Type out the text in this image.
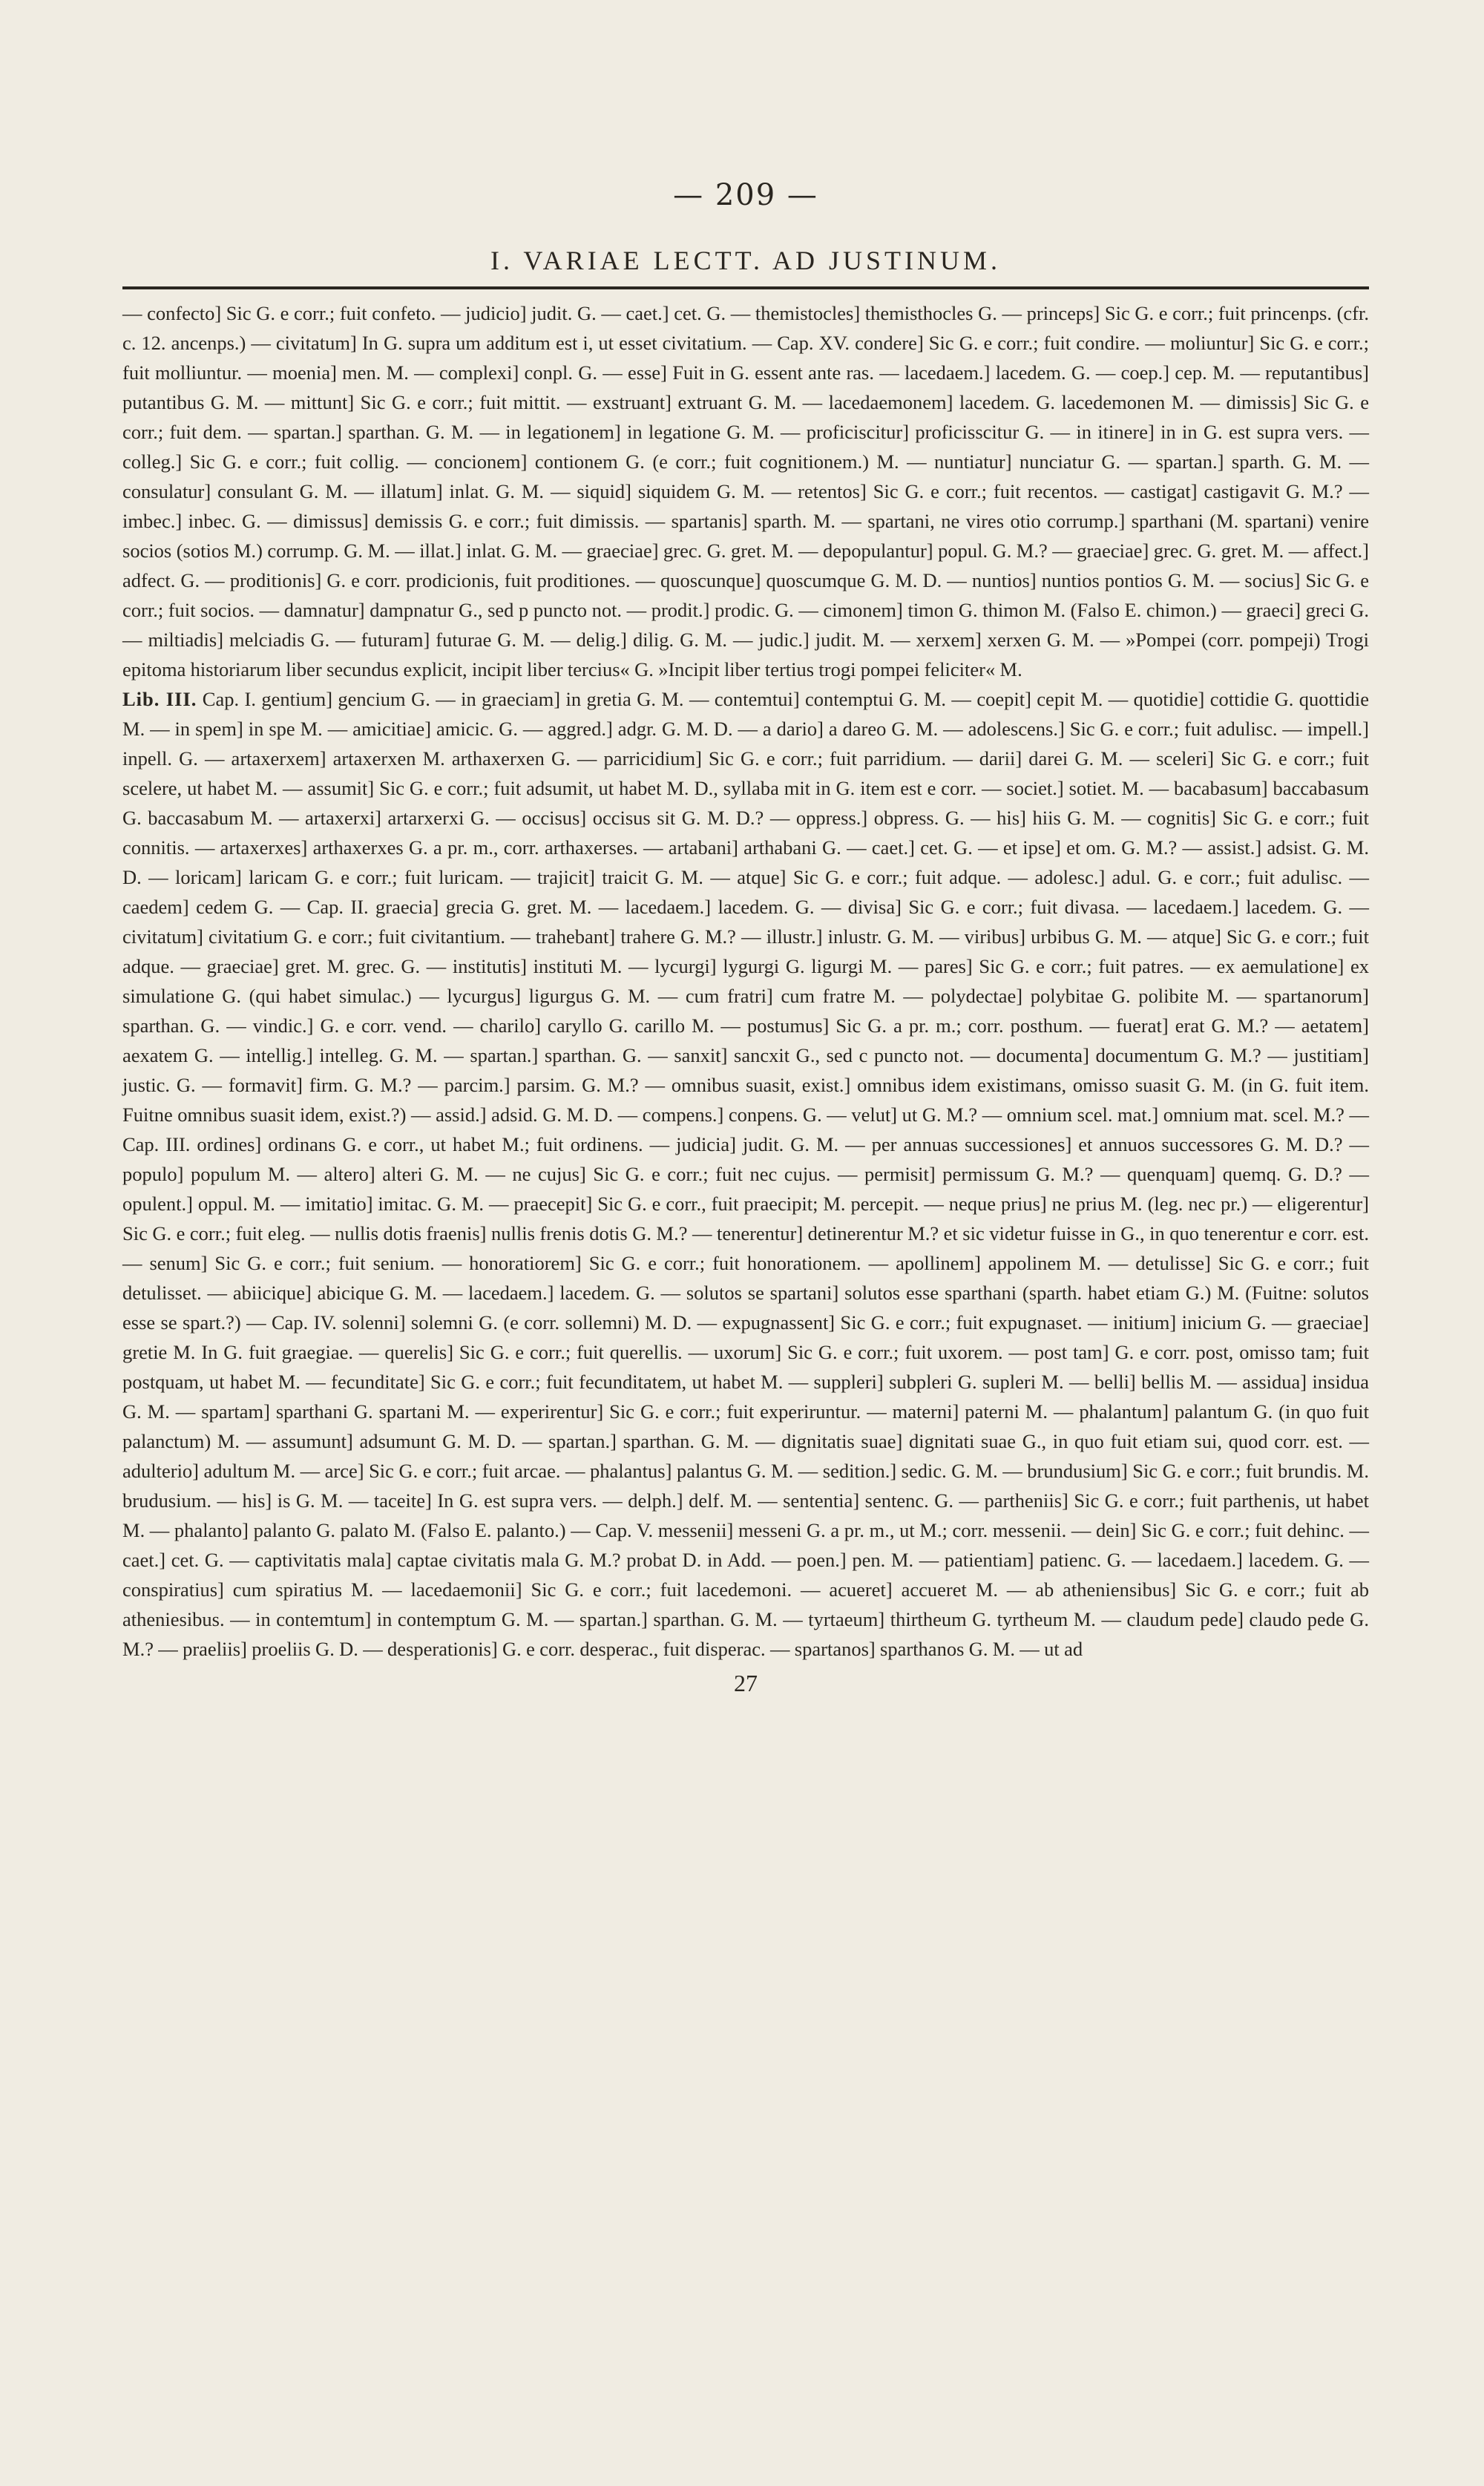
— 209 —
I. VARIAE LECTT. AD JUSTINUM.

— confecto] Sic G. e corr.; fuit confeto. — judicio] judit. G. — caet.] cet. G. — themistocles] themisthocles G. — princeps] Sic G. e corr.; fuit princenps. (cfr. c. 12. ancenps.) — civitatum] In G. supra um additum est i, ut esset civitatium. — Cap. XV. condere] Sic G. e corr.; fuit condire. — moliuntur] Sic G. e corr.; fuit molliuntur. — moenia] men. M. — complexi] conpl. G. — esse] Fuit in G. essent ante ras. — lacedaem.] lacedem. G. — coep.] cep. M. — reputantibus] putantibus G. M. — mittunt] Sic G. e corr.; fuit mittit. — exstruant] extruant G. M. — lacedaemonem] lacedem. G. lacedemonen M. — dimissis] Sic G. e corr.; fuit dem. — spartan.] sparthan. G. M. — in legationem] in legatione G. M. — proficiscitur] proficisscitur G. — in itinere] in in G. est supra vers. — colleg.] Sic G. e corr.; fuit collig. — concionem] contionem G. (e corr.; fuit cognitionem.) M. — nuntiatur] nunciatur G. — spartan.] sparth. G. M. — consulatur] consulant G. M. — illatum] inlat. G. M. — siquid] siquidem G. M. — retentos] Sic G. e corr.; fuit recentos. — castigat] castigavit G. M.? — imbec.] inbec. G. — dimissus] demissis G. e corr.; fuit dimissis. — spartanis] sparth. M. — spartani, ne vires otio corrump.] sparthani (M. spartani) venire socios (sotios M.) corrump. G. M. — illat.] inlat. G. M. — graeciae] grec. G. gret. M. — depopulantur] popul. G. M.? — graeciae] grec. G. gret. M. — affect.] adfect. G. — proditionis] G. e corr. prodicionis, fuit proditiones. — quoscunque] quoscumque G. M. D. — nuntios] nuntios pontios G. M. — socius] Sic G. e corr.; fuit socios. — damnatur] dampnatur G., sed p puncto not. — prodit.] prodic. G. — cimonem] timon G. thimon M. (Falso E. chimon.) — graeci] greci G. — miltiadis] melciadis G. — futuram] futurae G. M. — delig.] dilig. G. M. — judic.] judit. M. — xerxem] xerxen G. M. — »Pompei (corr. pompeji) Trogi epitoma historiarum liber secundus explicit, incipit liber tercius« G. »Incipit liber tertius trogi pompei feliciter« M.

Lib. III. Cap. I. gentium] gencium G. — in graeciam] in gretia G. M. — contemtui] contemptui G. M. — coepit] cepit M. — quotidie] cottidie G. quottidie M. — in spem] in spe M. — amicitiae] amicic. G. — aggred.] adgr. G. M. D. — a dario] a dareo G. M. — adolescens.] Sic G. e corr.; fuit adulisc. — impell.] inpell. G. — artaxerxem] artaxerxen M. arthaxerxen G. — parricidium] Sic G. e corr.; fuit parridium. — darii] darei G. M. — sceleri] Sic G. e corr.; fuit scelere, ut habet M. — assumit] Sic G. e corr.; fuit adsumit, ut habet M. D., syllaba mit in G. item est e corr. — societ.] sotiet. M. — bacabasum] baccabasum G. baccasabum M. — artaxerxi] artarxerxi G. — occisus] occisus sit G. M. D.? — oppress.] obpress. G. — his] hiis G. M. — cognitis] Sic G. e corr.; fuit connitis. — artaxerxes] arthaxerxes G. a pr. m., corr. arthaxerses. — artabani] arthabani G. — caet.] cet. G. — et ipse] et om. G. M.? — assist.] adsist. G. M. D. — loricam] laricam G. e corr.; fuit luricam. — trajicit] traicit G. M. — atque] Sic G. e corr.; fuit adque. — adolesc.] adul. G. e corr.; fuit adulisc. — caedem] cedem G. — Cap. II. graecia] grecia G. gret. M. — lacedaem.] lacedem. G. — divisa] Sic G. e corr.; fuit divasa. — lacedaem.] lacedem. G. — civitatum] civitatium G. e corr.; fuit civitantium. — trahebant] trahere G. M.? — illustr.] inlustr. G. M. — viribus] urbibus G. M. — atque] Sic G. e corr.; fuit adque. — graeciae] gret. M. grec. G. — institutis] instituti M. — lycurgi] lygurgi G. ligurgi M. — pares] Sic G. e corr.; fuit patres. — ex aemulatione] ex simulatione G. (qui habet simulac.) — lycurgus] ligurgus G. M. — cum fratri] cum fratre M. — polydectae] polybitae G. polibite M. — spartanorum] sparthan. G. — vindic.] G. e corr. vend. — charilo] caryllo G. carillo M. — postumus] Sic G. a pr. m.; corr. posthum. — fuerat] erat G. M.? — aetatem] aexatem G. — intellig.] intelleg. G. M. — spartan.] sparthan. G. — sanxit] sancxit G., sed c puncto not. — documenta] documentum G. M.? — justitiam] justic. G. — formavit] firm. G. M.? — parcim.] parsim. G. M.? — omnibus suasit, exist.] omnibus idem existimans, omisso suasit G. M. (in G. fuit item. Fuitne omnibus suasit idem, exist.?) — assid.] adsid. G. M. D. — compens.] conpens. G. — velut] ut G. M.? — omnium scel. mat.] omnium mat. scel. M.? — Cap. III. ordines] ordinans G. e corr., ut habet M.; fuit ordinens. — judicia] judit. G. M. — per annuas successiones] et annuos successores G. M. D.? — populo] populum M. — altero] alteri G. M. — ne cujus] Sic G. e corr.; fuit nec cujus. — permisit] permissum G. M.? — quenquam] quemq. G. D.? — opulent.] oppul. M. — imitatio] imitac. G. M. — praecepit] Sic G. e corr., fuit praecipit; M. percepit. — neque prius] ne prius M. (leg. nec pr.) — eligerentur] Sic G. e corr.; fuit eleg. — nullis dotis fraenis] nullis frenis dotis G. M.? — tenerentur] detinerentur M.? et sic videtur fuisse in G., in quo tenerentur e corr. est. — senum] Sic G. e corr.; fuit senium. — honoratiorem] Sic G. e corr.; fuit honorationem. — apollinem] appolinem M. — detulisse] Sic G. e corr.; fuit detulisset. — abiicique] abicique G. M. — lacedaem.] lacedem. G. — solutos se spartani] solutos esse sparthani (sparth. habet etiam G.) M. (Fuitne: solutos esse se spart.?) — Cap. IV. solenni] solemni G. (e corr. sollemni) M. D. — expugnassent] Sic G. e corr.; fuit expugnaset. — initium] inicium G. — graeciae] gretie M. In G. fuit graegiae. — querelis] Sic G. e corr.; fuit querellis. — uxorum] Sic G. e corr.; fuit uxorem. — post tam] G. e corr. post, omisso tam; fuit postquam, ut habet M. — fecunditate] Sic G. e corr.; fuit fecunditatem, ut habet M. — suppleri] subpleri G. supleri M. — belli] bellis M. — assidua] insidua G. M. — spartam] sparthani G. spartani M. — experirentur] Sic G. e corr.; fuit experiruntur. — materni] paterni M. — phalantum] palantum G. (in quo fuit palanctum) M. — assumunt] adsumunt G. M. D. — spartan.] sparthan. G. M. — dignitatis suae] dignitati suae G., in quo fuit etiam sui, quod corr. est. — adulterio] adultum M. — arce] Sic G. e corr.; fuit arcae. — phalantus] palantus G. M. — sedition.] sedic. G. M. — brundusium] Sic G. e corr.; fuit brundis. M. brudusium. — his] is G. M. — taceite] In G. est supra vers. — delph.] delf. M. — sententia] sentenc. G. — partheniis] Sic G. e corr.; fuit parthenis, ut habet M. — phalanto] palanto G. palato M. (Falso E. palanto.) — Cap. V. messenii] messeni G. a pr. m., ut M.; corr. messenii. — dein] Sic G. e corr.; fuit dehinc. — caet.] cet. G. — captivitatis mala] captae civitatis mala G. M.? probat D. in Add. — poen.] pen. M. — patientiam] patienc. G. — lacedaem.] lacedem. G. — conspiratius] cum spiratius M. — lacedaemonii] Sic G. e corr.; fuit lacedemoni. — acueret] accueret M. — ab atheniensibus] Sic G. e corr.; fuit ab atheniesibus. — in contemtum] in contemptum G. M. — spartan.] sparthan. G. M. — tyrtaeum] thirtheum G. tyrtheum M. — claudum pede] claudo pede G. M.? — praeliis] proeliis G. D. — desperationis] G. e corr. desperac., fuit disperac. — spartanos] sparthanos G. M. — ut ad

27
